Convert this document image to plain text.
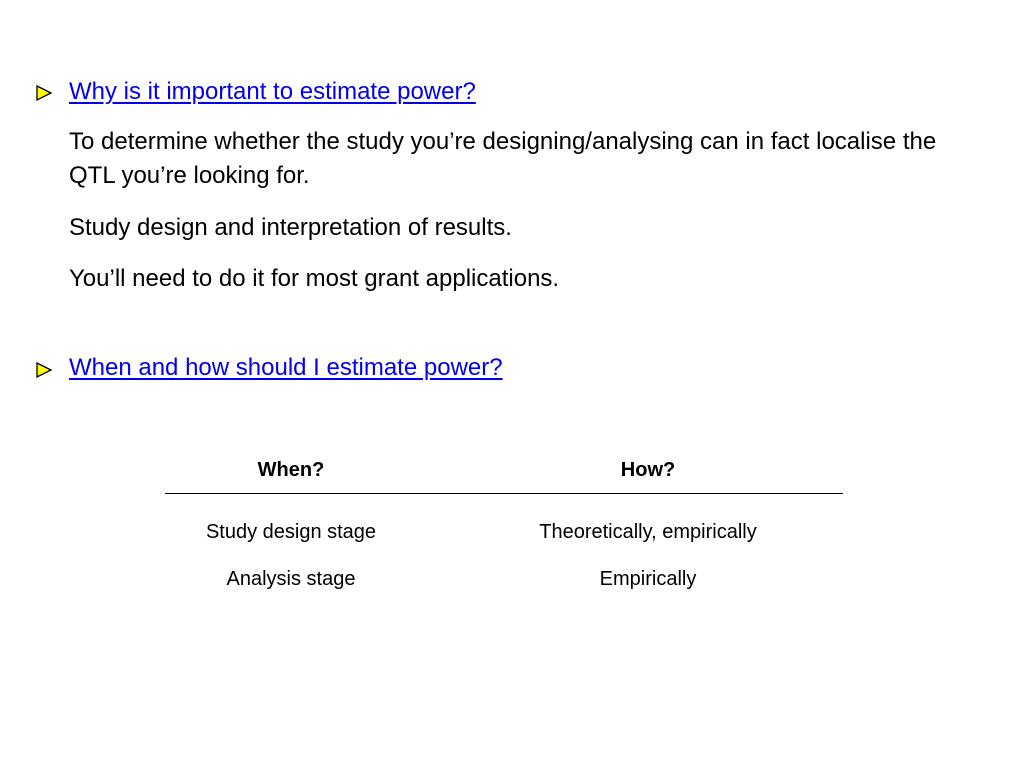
Why is it important to estimate power?

To determine whether the study you’re designing/analysing can in fact localise the QTL you’re looking for.

Study design and interpretation of results.

You’ll need to do it for most grant applications.

When and how should I estimate power?
When?	How?
Study design stage	Theoretically, empirically
Analysis stage	Empirically
